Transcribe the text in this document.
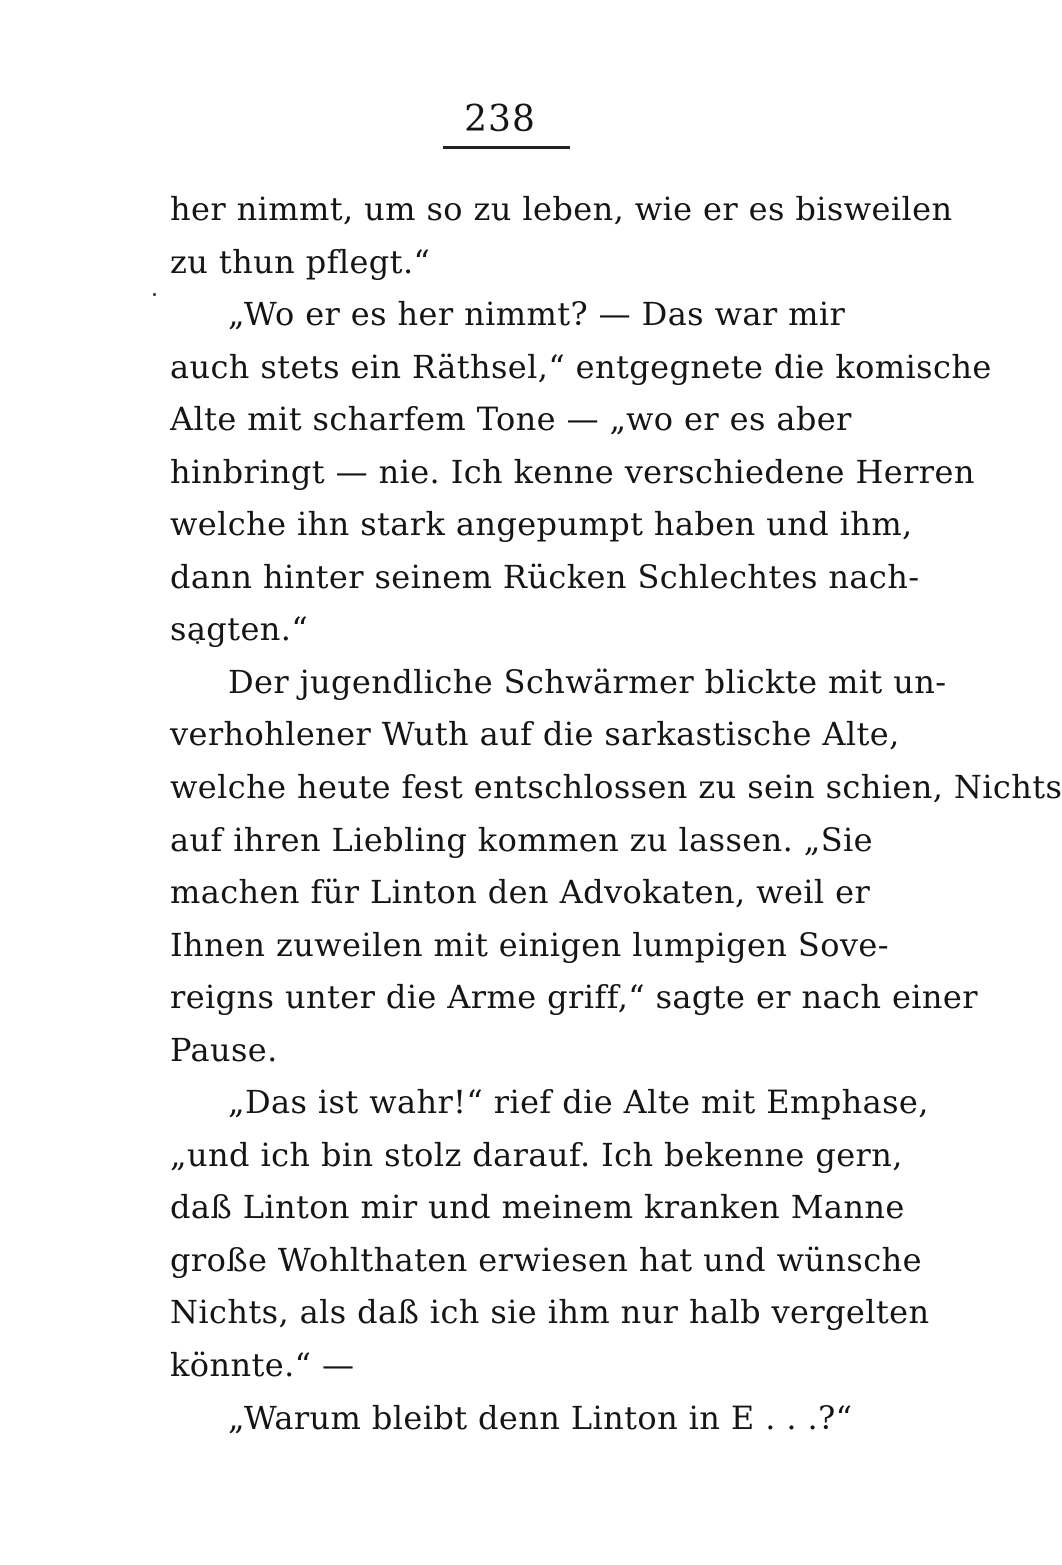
238
her nimmt, um so zu leben, wie er es bisweilen
zu thun pflegt.“
„Wo er es her nimmt? — Das war mir
auch stets ein Räthsel,“ entgegnete die komische
Alte mit scharfem Tone — „wo er es aber
hinbringt — nie. Ich kenne verschiedene Herren
welche ihn stark angepumpt haben und ihm,
dann hinter seinem Rücken Schlechtes nach-
sagten.“
Der jugendliche Schwärmer blickte mit un-
verhohlener Wuth auf die sarkastische Alte,
welche heute fest entschlossen zu sein schien, Nichts
auf ihren Liebling kommen zu lassen. „Sie
machen für Linton den Advokaten, weil er
Ihnen zuweilen mit einigen lumpigen Sove-
reigns unter die Arme griff,“ sagte er nach einer
Pause.
„Das ist wahr!“ rief die Alte mit Emphase,
„und ich bin stolz darauf. Ich bekenne gern,
daß Linton mir und meinem kranken Manne
große Wohlthaten erwiesen hat und wünsche
Nichts, als daß ich sie ihm nur halb vergelten
könnte.“ —
„Warum bleibt denn Linton in E . . .?“
